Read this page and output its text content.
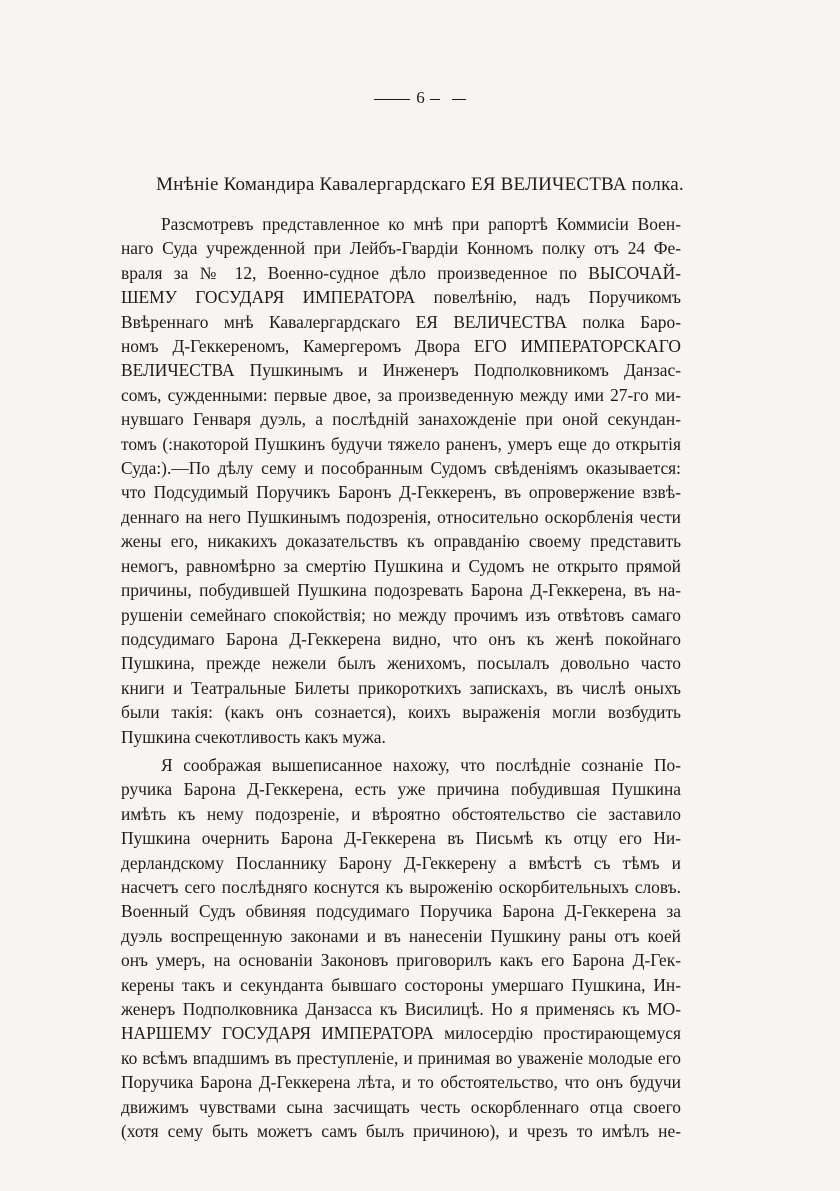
6
Мнѣніе Командира Кавалергардскаго ЕЯ ВЕЛИЧЕСТВА полка.
Разсмотревъ представленное ко мнѣ при рапортѣ Коммисіи Воен-
наго Суда учрежденной при Лейбъ-Гвардіи Конномъ полку отъ 24 Фе-
враля за № 12, Военно-судное дѣло произведенное по ВЫСОЧАЙ-
ШЕМУ ГОСУДАРЯ ИМПЕРАТОРА повелѣнію, надъ Поручикомъ
Ввѣреннаго мнѣ Кавалергардскаго ЕЯ ВЕЛИЧЕСТВА полка Баро-
номъ Д-Геккереномъ, Камергеромъ Двора ЕГО ИМПЕРАТОРСКАГО
ВЕЛИЧЕСТВА Пушкинымъ и Инженеръ Подполковникомъ Данзас-
сомъ, сужденными: первые двое, за произведенную между ими 27-го ми-
нувшаго Генваря дуэль, а послѣдній занахожденіе при оной секундан-
томъ (:накоторой Пушкинъ будучи тяжело раненъ, умеръ еще до открытія
Суда:).—По дѣлу сему и пособранным Судомъ свѣденіямъ оказывается:
что Подсудимый Поручикъ Баронъ Д-Геккеренъ, въ опровержение взвѣ-
деннаго на него Пушкинымъ подозренія, относительно оскорбленія чести
жены его, никакихъ доказательствъ къ оправданію своему представить
немогъ, равномѣрно за смертію Пушкина и Судомъ не открыто прямой
причины, побудившей Пушкина подозревать Барона Д-Геккерена, въ на-
рушеніи семейнаго спокойствія; но между прочимъ изъ отвѣтовъ самаго
подсудимаго Барона Д-Геккерена видно, что онъ къ женѣ покойнаго
Пушкина, прежде нежели былъ женихомъ, посылалъ довольно часто
книги и Театральные Билеты прикороткихъ запискахъ, въ числѣ оныхъ
были такія: (какъ онъ сознается), коихъ выраженія могли возбудить
Пушкина счекотливость какъ мужа.
Я соображая вышеписанное нахожу, что послѣдніе сознаніе По-
ручика Барона Д-Геккерена, есть уже причина побудившая Пушкина
имѣть къ нему подозреніе, и вѣроятно обстоятельство сіе заставило
Пушкина очернить Барона Д-Геккерена въ Письмѣ къ отцу его Ни-
дерландскому Посланнику Барону Д-Геккерену а вмѣстѣ съ тѣмъ и
насчетъ сего послѣдняго коснутся къ выроженію оскорбительныхъ словъ.
Военный Судъ обвиняя подсудимаго Поручика Барона Д-Геккерена за
дуэль воспрещенную законами и въ нанесеніи Пушкину раны отъ коей
онъ умеръ, на основаніи Законовъ приговорилъ какъ его Барона Д-Гек-
керены такъ и секунданта бывшаго состороны умершаго Пушкина, Ин-
женеръ Подполковника Данзасса къ Висилицѣ. Но я применясь къ МО-
НАРШЕМУ ГОСУДАРЯ ИМПЕРАТОРА милосердію простирающемуся
ко всѣмъ впадшимъ въ преступленіе, и принимая во уваженіе молодые его
Поручика Барона Д-Геккерена лѣта, и то обстоятельство, что онъ будучи
движимъ чувствами сына засчищать честь оскорбленнаго отца своего
(хотя сему быть можетъ самъ былъ причиною), и чрезъ то имѣлъ не-
